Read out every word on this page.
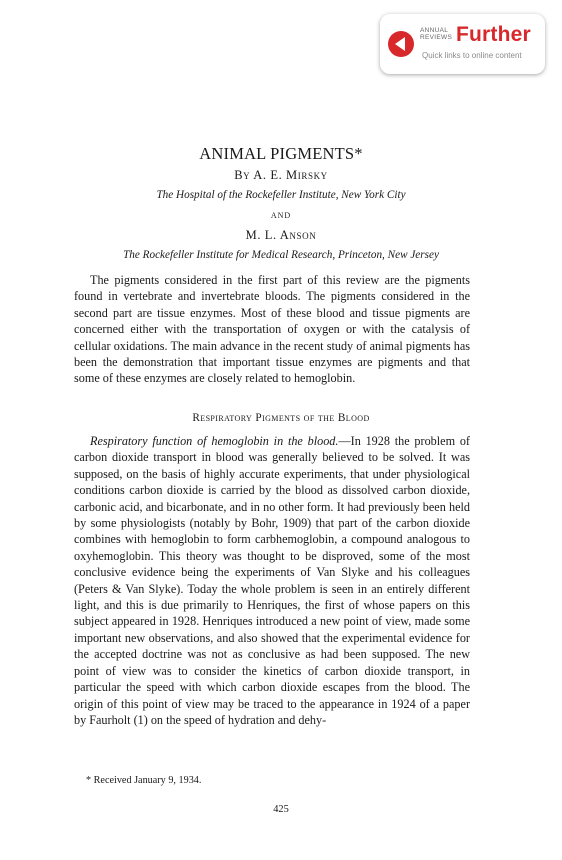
ANNUAL
REVIEWS Further
Quick links to online content
ANIMAL PIGMENTS*
By A. E. Mirsky
The Hospital of the Rockefeller Institute, New York City
AND
M. L. Anson
The Rockefeller Institute for Medical Research, Princeton, New Jersey

The pigments considered in the first part of this review are the pigments found in vertebrate and invertebrate bloods. The pigments considered in the second part are tissue enzymes. Most of these blood and tissue pigments are concerned either with the transportation of oxygen or with the catalysis of cellular oxidations. The main advance in the recent study of animal pigments has been the demonstration that important tissue enzymes are pigments and that some of these enzymes are closely related to hemoglobin.

Respiratory Pigments of the Blood

Respiratory function of hemoglobin in the blood.—In 1928 the problem of carbon dioxide transport in blood was generally believed to be solved. It was supposed, on the basis of highly accurate experiments, that under physiological conditions carbon dioxide is carried by the blood as dissolved carbon dioxide, carbonic acid, and bicarbonate, and in no other form. It had previously been held by some physiologists (notably by Bohr, 1909) that part of the carbon dioxide combines with hemoglobin to form carbhemoglobin, a compound analogous to oxyhemoglobin. This theory was thought to be disproved, some of the most conclusive evidence being the experiments of Van Slyke and his colleagues (Peters & Van Slyke). Today the whole problem is seen in an entirely different light, and this is due primarily to Henriques, the first of whose papers on this subject appeared in 1928. Henriques introduced a new point of view, made some important new observations, and also showed that the experimental evidence for the accepted doctrine was not as conclusive as had been supposed. The new point of view was to consider the kinetics of carbon dioxide transport, in particular the speed with which carbon dioxide escapes from the blood. The origin of this point of view may be traced to the appearance in 1924 of a paper by Faurholt (1) on the speed of hydration and dehy-

* Received January 9, 1934.
425
